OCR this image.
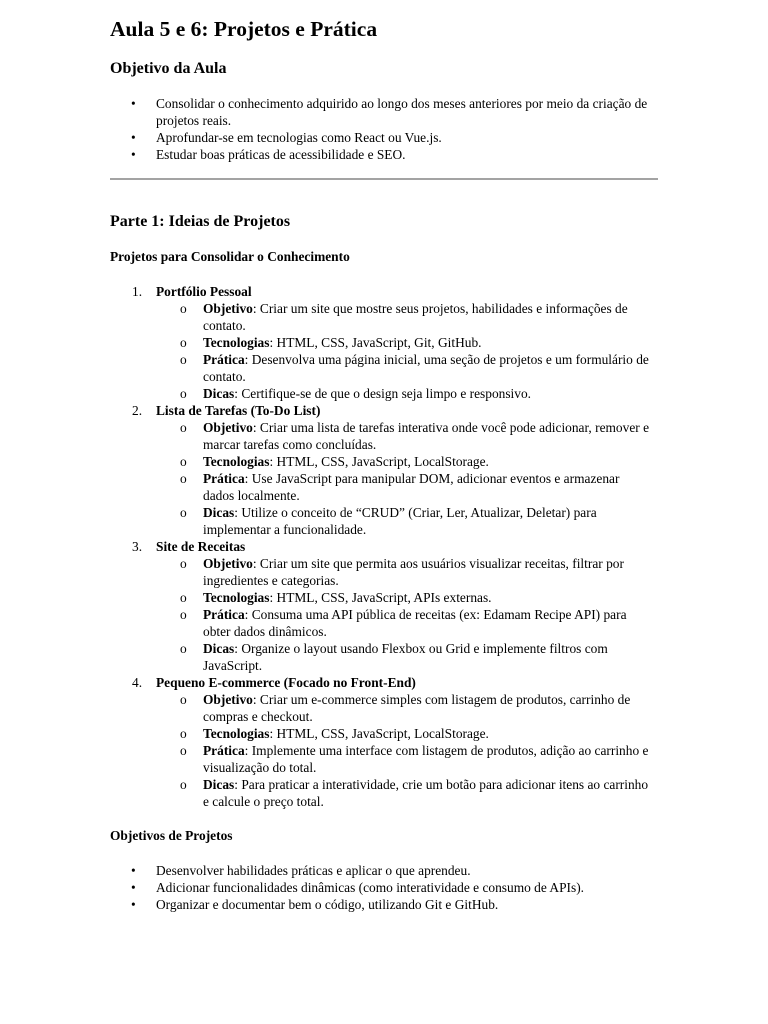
Aula 5 e 6: Projetos e Prática
Objetivo da Aula
• Consolidar o conhecimento adquirido ao longo dos meses anteriores por meio da criação de projetos reais.
• Aprofundar-se em tecnologias como React ou Vue.js.
• Estudar boas práticas de acessibilidade e SEO.
Parte 1: Ideias de Projetos
Projetos para Consolidar o Conhecimento
1. Portfólio Pessoal
o Objetivo: Criar um site que mostre seus projetos, habilidades e informações de contato.
o Tecnologias: HTML, CSS, JavaScript, Git, GitHub.
o Prática: Desenvolva uma página inicial, uma seção de projetos e um formulário de contato.
o Dicas: Certifique-se de que o design seja limpo e responsivo.
2. Lista de Tarefas (To-Do List)
o Objetivo: Criar uma lista de tarefas interativa onde você pode adicionar, remover e marcar tarefas como concluídas.
o Tecnologias: HTML, CSS, JavaScript, LocalStorage.
o Prática: Use JavaScript para manipular DOM, adicionar eventos e armazenar dados localmente.
o Dicas: Utilize o conceito de “CRUD” (Criar, Ler, Atualizar, Deletar) para implementar a funcionalidade.
3. Site de Receitas
o Objetivo: Criar um site que permita aos usuários visualizar receitas, filtrar por ingredientes e categorias.
o Tecnologias: HTML, CSS, JavaScript, APIs externas.
o Prática: Consuma uma API pública de receitas (ex: Edamam Recipe API) para obter dados dinâmicos.
o Dicas: Organize o layout usando Flexbox ou Grid e implemente filtros com JavaScript.
4. Pequeno E-commerce (Focado no Front-End)
o Objetivo: Criar um e-commerce simples com listagem de produtos, carrinho de compras e checkout.
o Tecnologias: HTML, CSS, JavaScript, LocalStorage.
o Prática: Implemente uma interface com listagem de produtos, adição ao carrinho e visualização do total.
o Dicas: Para praticar a interatividade, crie um botão para adicionar itens ao carrinho e calcule o preço total.
Objetivos de Projetos
• Desenvolver habilidades práticas e aplicar o que aprendeu.
• Adicionar funcionalidades dinâmicas (como interatividade e consumo de APIs).
• Organizar e documentar bem o código, utilizando Git e GitHub.
